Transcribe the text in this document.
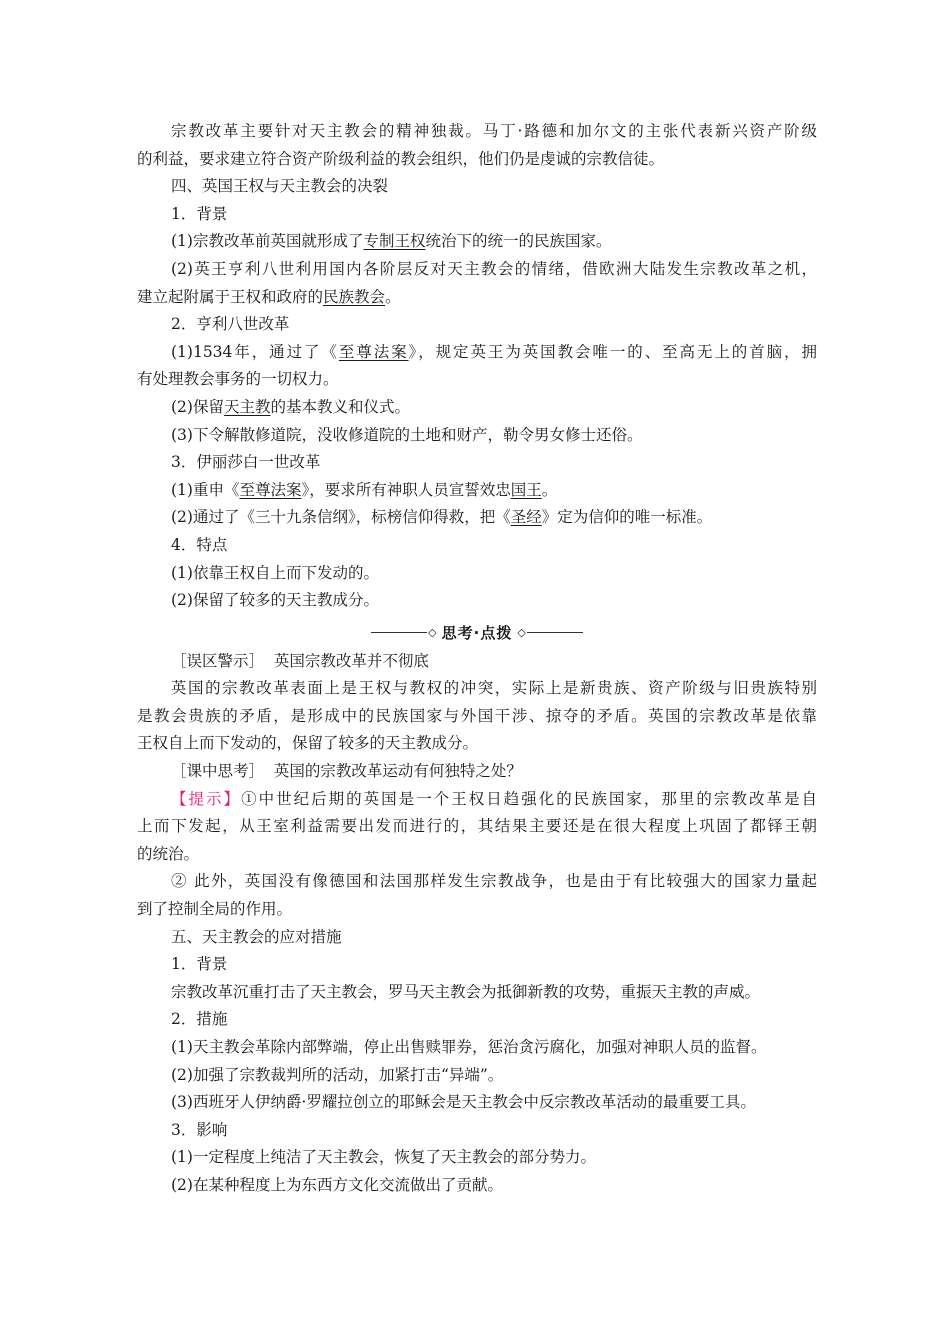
宗教改革主要针对天主教会的精神独裁。马丁·路德和加尔文的主张代表新兴资产阶级
的利益，要求建立符合资产阶级利益的教会组织，他们仍是虔诚的宗教信徒。
四、英国王权与天主教会的决裂
1．背景
(1)宗教改革前英国就形成了专制王权统治下的统一的民族国家。
(2)英王亨利八世利用国内各阶层反对天主教会的情绪，借欧洲大陆发生宗教改革之机，
建立起附属于王权和政府的民族教会。
2．亨利八世改革
(1)1534年，通过了《至尊法案》，规定英王为英国教会唯一的、至高无上的首脑，拥
有处理教会事务的一切权力。
(2)保留天主教的基本教义和仪式。
(3)下令解散修道院，没收修道院的土地和财产，勒令男女修士还俗。
3．伊丽莎白一世改革
(1)重申《至尊法案》，要求所有神职人员宣誓效忠国王。
(2)通过了《三十九条信纲》，标榜信仰得救，把《圣经》定为信仰的唯一标准。
4．特点
(1)依靠王权自上而下发动的。
(2)保留了较多的天主教成分。
◇ 思考·点拨 ◇
［误区警示］ 英国宗教改革并不彻底
英国的宗教改革表面上是王权与教权的冲突，实际上是新贵族、资产阶级与旧贵族特别
是教会贵族的矛盾，是形成中的民族国家与外国干涉、掠夺的矛盾。英国的宗教改革是依靠
王权自上而下发动的，保留了较多的天主教成分。
［课中思考］ 英国的宗教改革运动有何独特之处？
【提示】①中世纪后期的英国是一个王权日趋强化的民族国家，那里的宗教改革是自
上而下发起，从王室利益需要出发而进行的，其结果主要还是在很大程度上巩固了都铎王朝
的统治。
② 此外，英国没有像德国和法国那样发生宗教战争，也是由于有比较强大的国家力量起
到了控制全局的作用。
五、天主教会的应对措施
1．背景
宗教改革沉重打击了天主教会，罗马天主教会为抵御新教的攻势，重振天主教的声威。
2．措施
(1)天主教会革除内部弊端，停止出售赎罪券，惩治贪污腐化，加强对神职人员的监督。
(2)加强了宗教裁判所的活动，加紧打击“异端”。
(3)西班牙人伊纳爵·罗耀拉创立的耶稣会是天主教会中反宗教改革活动的最重要工具。
3．影响
(1)一定程度上纯洁了天主教会，恢复了天主教会的部分势力。
(2)在某种程度上为东西方文化交流做出了贡献。
